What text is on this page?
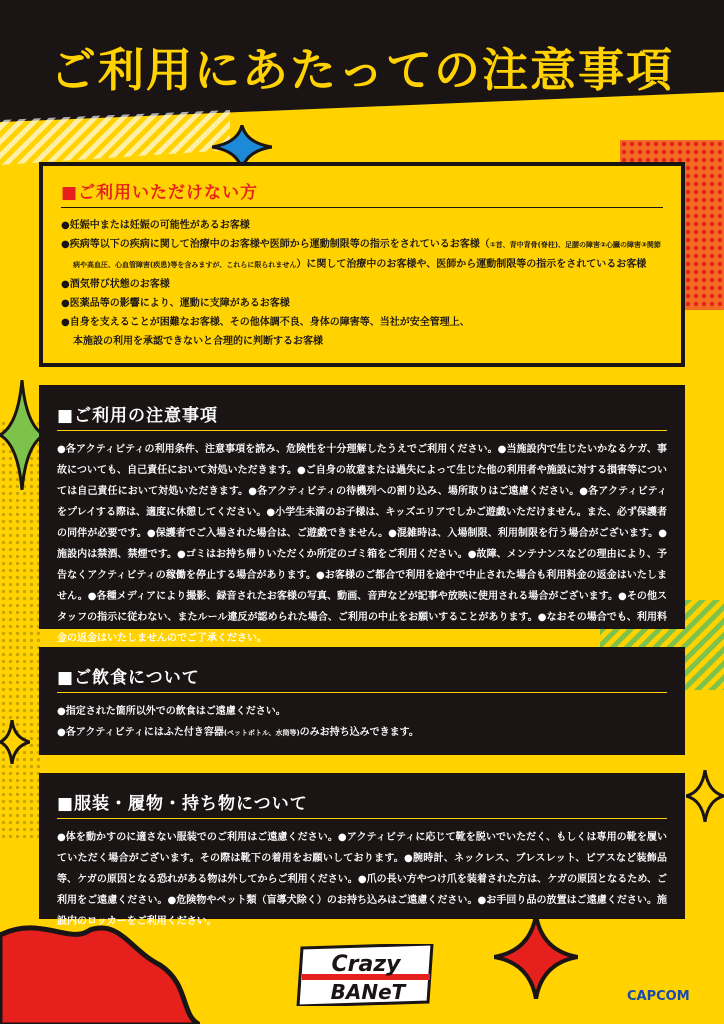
ご利用にあたっての注意事項
■ご利用いただけない方
●妊娠中または妊娠の可能性があるお客様
●疾病等以下の疾病に関して治療中のお客様や医師から運動制限等の指示をされているお客様（①首、背中背骨(脊柱)、足腰の障害②心臓の障害③関節
病や高血圧、心血管障害(疾患)等を含みますが、これらに限られません）に関して治療中のお客様や、医師から運動制限等の指示をされているお客様
●酒気帯び状態のお客様
●医薬品等の影響により、運動に支障があるお客様
●自身を支えることが困難なお客様、その他体調不良、身体の障害等、当社が安全管理上、
本施設の利用を承認できないと合理的に判断するお客様
■ご利用の注意事項

●各アクティビティの利用条件、注意事項を読み、危険性を十分理解したうえでご利用ください。●当施設内で生じたいかなるケガ、事故についても、自己責任において対処いただきます。●ご自身の故意または過失によって生じた他の利用者や施設に対する損害等については自己責任において対処いただきます。●各アクティビティの待機列への割り込み、場所取りはご遠慮ください。●各アクティビティをプレイする際は、適度に休憩してください。●小学生未満のお子様は、キッズエリアでしかご遊戯いただけません。また、必ず保護者の同伴が必要です。●保護者でご入場された場合は、ご遊戯できません。●混雑時は、入場制限、利用制限を行う場合がございます。●施設内は禁酒、禁煙です。●ゴミはお持ち帰りいただくか所定のゴミ箱をご利用ください。●故障、メンテナンスなどの理由により、予告なくアクティビティの稼働を停止する場合があります。●お客様のご都合で利用を途中で中止された場合も利用料金の返金はいたしません。●各種メディアにより撮影、録音されたお客様の写真、動画、音声などが記事や放映に使用される場合がございます。●その他スタッフの指示に従わない、またルール違反が認められた場合、ご利用の中止をお願いすることがあります。●なおその場合でも、利用料金の返金はいたしませんのでご了承ください。

■ご飲食について

●指定された箇所以外での飲食はご遠慮ください。

●各アクティビティにはふた付き容器(ペットボトル、水筒等)のみお持ち込みできます。

■服装・履物・持ち物について

●体を動かすのに適さない服装でのご利用はご遠慮ください。●アクティビティに応じて靴を脱いでいただく、もしくは専用の靴を履いていただく場合がございます。その際は靴下の着用をお願いしております。●腕時計、ネックレス、ブレスレット、ピアスなど装飾品等、ケガの原因となる恐れがある物は外してからご利用ください。●爪の長い方やつけ爪を装着された方は、ケガの原因となるため、ご利用をご遠慮ください。●危険物やペット類（盲導犬除く）のお持ち込みはご遠慮ください。●お手回り品の放置はご遠慮ください。施設内のロッカーをご利用ください。

Crazy
BANeT	CAPCOM
